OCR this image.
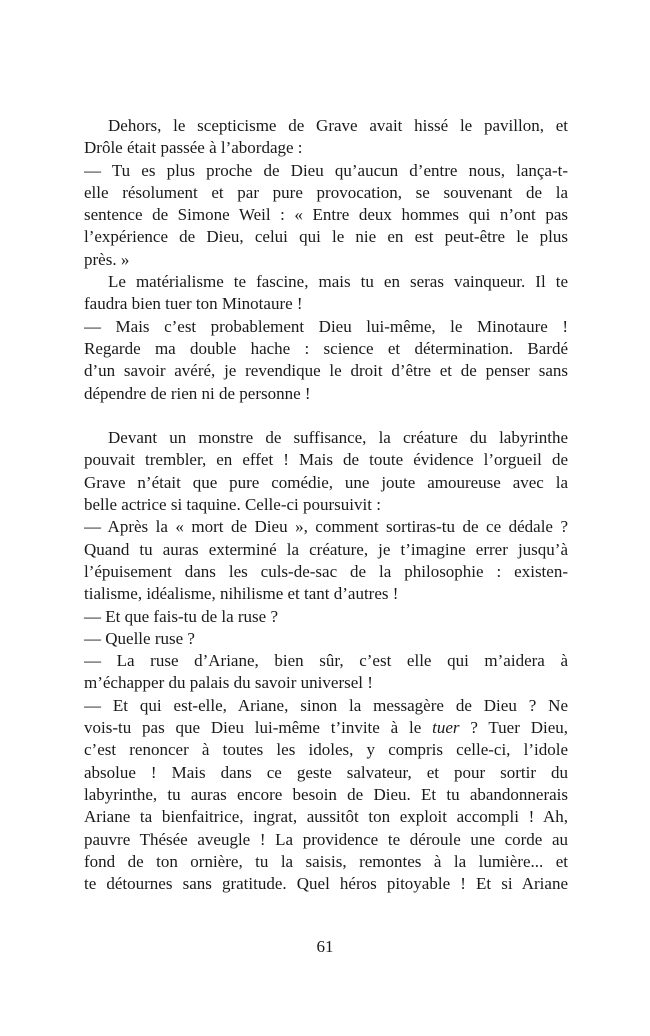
Dehors, le scepticisme de Grave avait hissé le pavillon, et
Drôle était passée à l’abordage :
— Tu es plus proche de Dieu qu’aucun d’entre nous, lança-t-
elle résolument et par pure provocation, se souvenant de la
sentence de Simone Weil : « Entre deux hommes qui n’ont pas
l’expérience de Dieu, celui qui le nie en est peut-être le plus
près. »
Le matérialisme te fascine, mais tu en seras vainqueur. Il te
faudra bien tuer ton Minotaure !
— Mais c’est probablement Dieu lui-même, le Minotaure !
Regarde ma double hache : science et détermination. Bardé
d’un savoir avéré, je revendique le droit d’être et de penser sans
dépendre de rien ni de personne !
Devant un monstre de suffisance, la créature du labyrinthe
pouvait trembler, en effet ! Mais de toute évidence l’orgueil de
Grave n’était que pure comédie, une joute amoureuse avec la
belle actrice si taquine. Celle-ci poursuivit :
— Après la « mort de Dieu », comment sortiras-tu de ce dédale ?
Quand tu auras exterminé la créature, je t’imagine errer jusqu’à
l’épuisement dans les culs-de-sac de la philosophie : existen-
tialisme, idéalisme, nihilisme et tant d’autres !
— Et que fais-tu de la ruse ?
— Quelle ruse ?
— La ruse d’Ariane, bien sûr, c’est elle qui m’aidera à
m’échapper du palais du savoir universel !
— Et qui est-elle, Ariane, sinon la messagère de Dieu ? Ne
vois-tu pas que Dieu lui-même t’invite à le tuer ? Tuer Dieu,
c’est renoncer à toutes les idoles, y compris celle-ci, l’idole
absolue ! Mais dans ce geste salvateur, et pour sortir du
labyrinthe, tu auras encore besoin de Dieu. Et tu abandonnerais
Ariane ta bienfaitrice, ingrat, aussitôt ton exploit accompli ! Ah,
pauvre Thésée aveugle ! La providence te déroule une corde au
fond de ton ornière, tu la saisis, remontes à la lumière... et
te détournes sans gratitude. Quel héros pitoyable ! Et si Ariane
61
